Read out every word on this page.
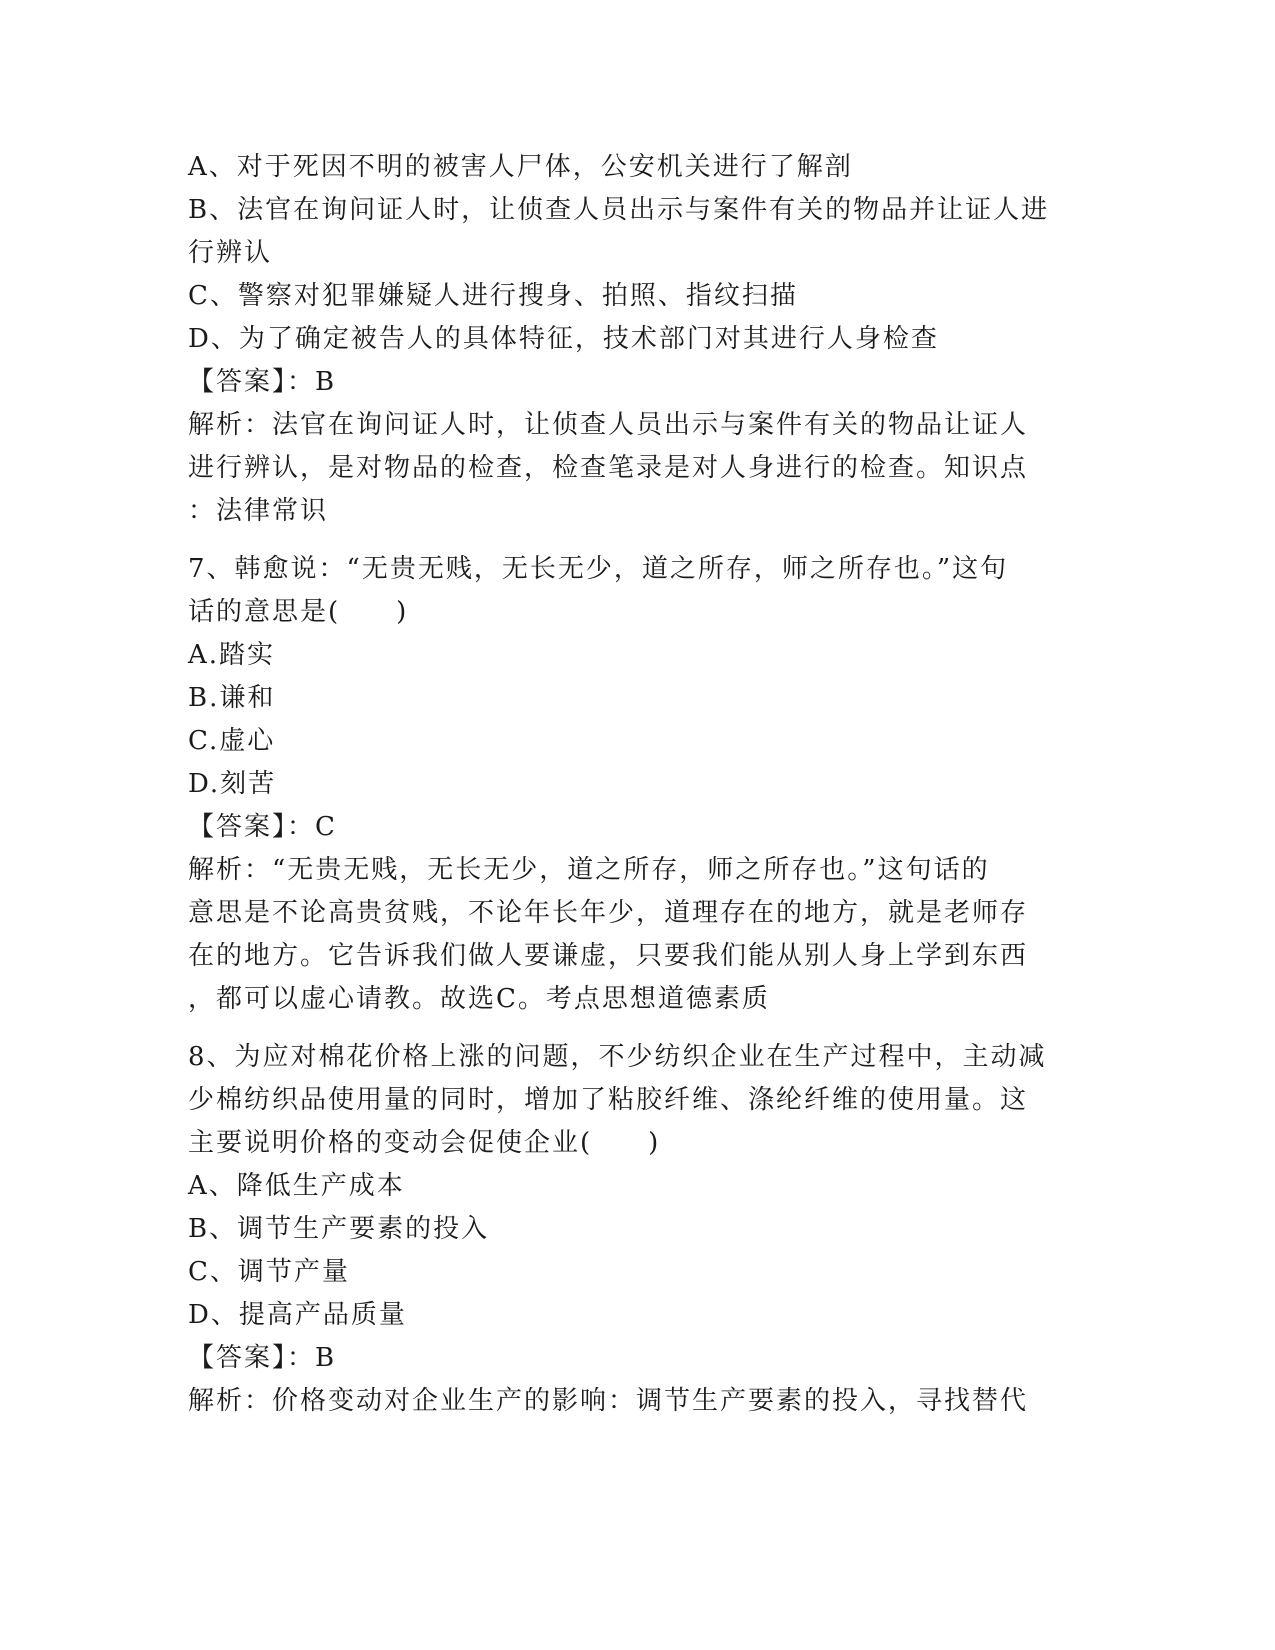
A、对于死因不明的被害人尸体，公安机关进行了解剖
B、法官在询问证人时，让侦查人员出示与案件有关的物品并让证人进
行辨认
C、警察对犯罪嫌疑人进行搜身、拍照、指纹扫描
D、为了确定被告人的具体特征，技术部门对其进行人身检查
【答案】：B
解析：法官在询问证人时，让侦查人员出示与案件有关的物品让证人
进行辨认，是对物品的检查，检查笔录是对人身进行的检查。知识点
：法律常识
7、韩愈说：“无贵无贱，无长无少，道之所存，师之所存也。”这句
话的意思是(　　)
A.踏实
B.谦和
C.虚心
D.刻苦
【答案】：C
解析：“无贵无贱，无长无少，道之所存，师之所存也。”这句话的
意思是不论高贵贫贱，不论年长年少，道理存在的地方，就是老师存
在的地方。它告诉我们做人要谦虚，只要我们能从别人身上学到东西
，都可以虚心请教。故选C。考点思想道德素质
8、为应对棉花价格上涨的问题，不少纺织企业在生产过程中，主动减
少棉纺织品使用量的同时，增加了粘胶纤维、涤纶纤维的使用量。这
主要说明价格的变动会促使企业(　　)
A、降低生产成本
B、调节生产要素的投入
C、调节产量
D、提高产品质量
【答案】：B
解析：价格变动对企业生产的影响：调节生产要素的投入，寻找替代
